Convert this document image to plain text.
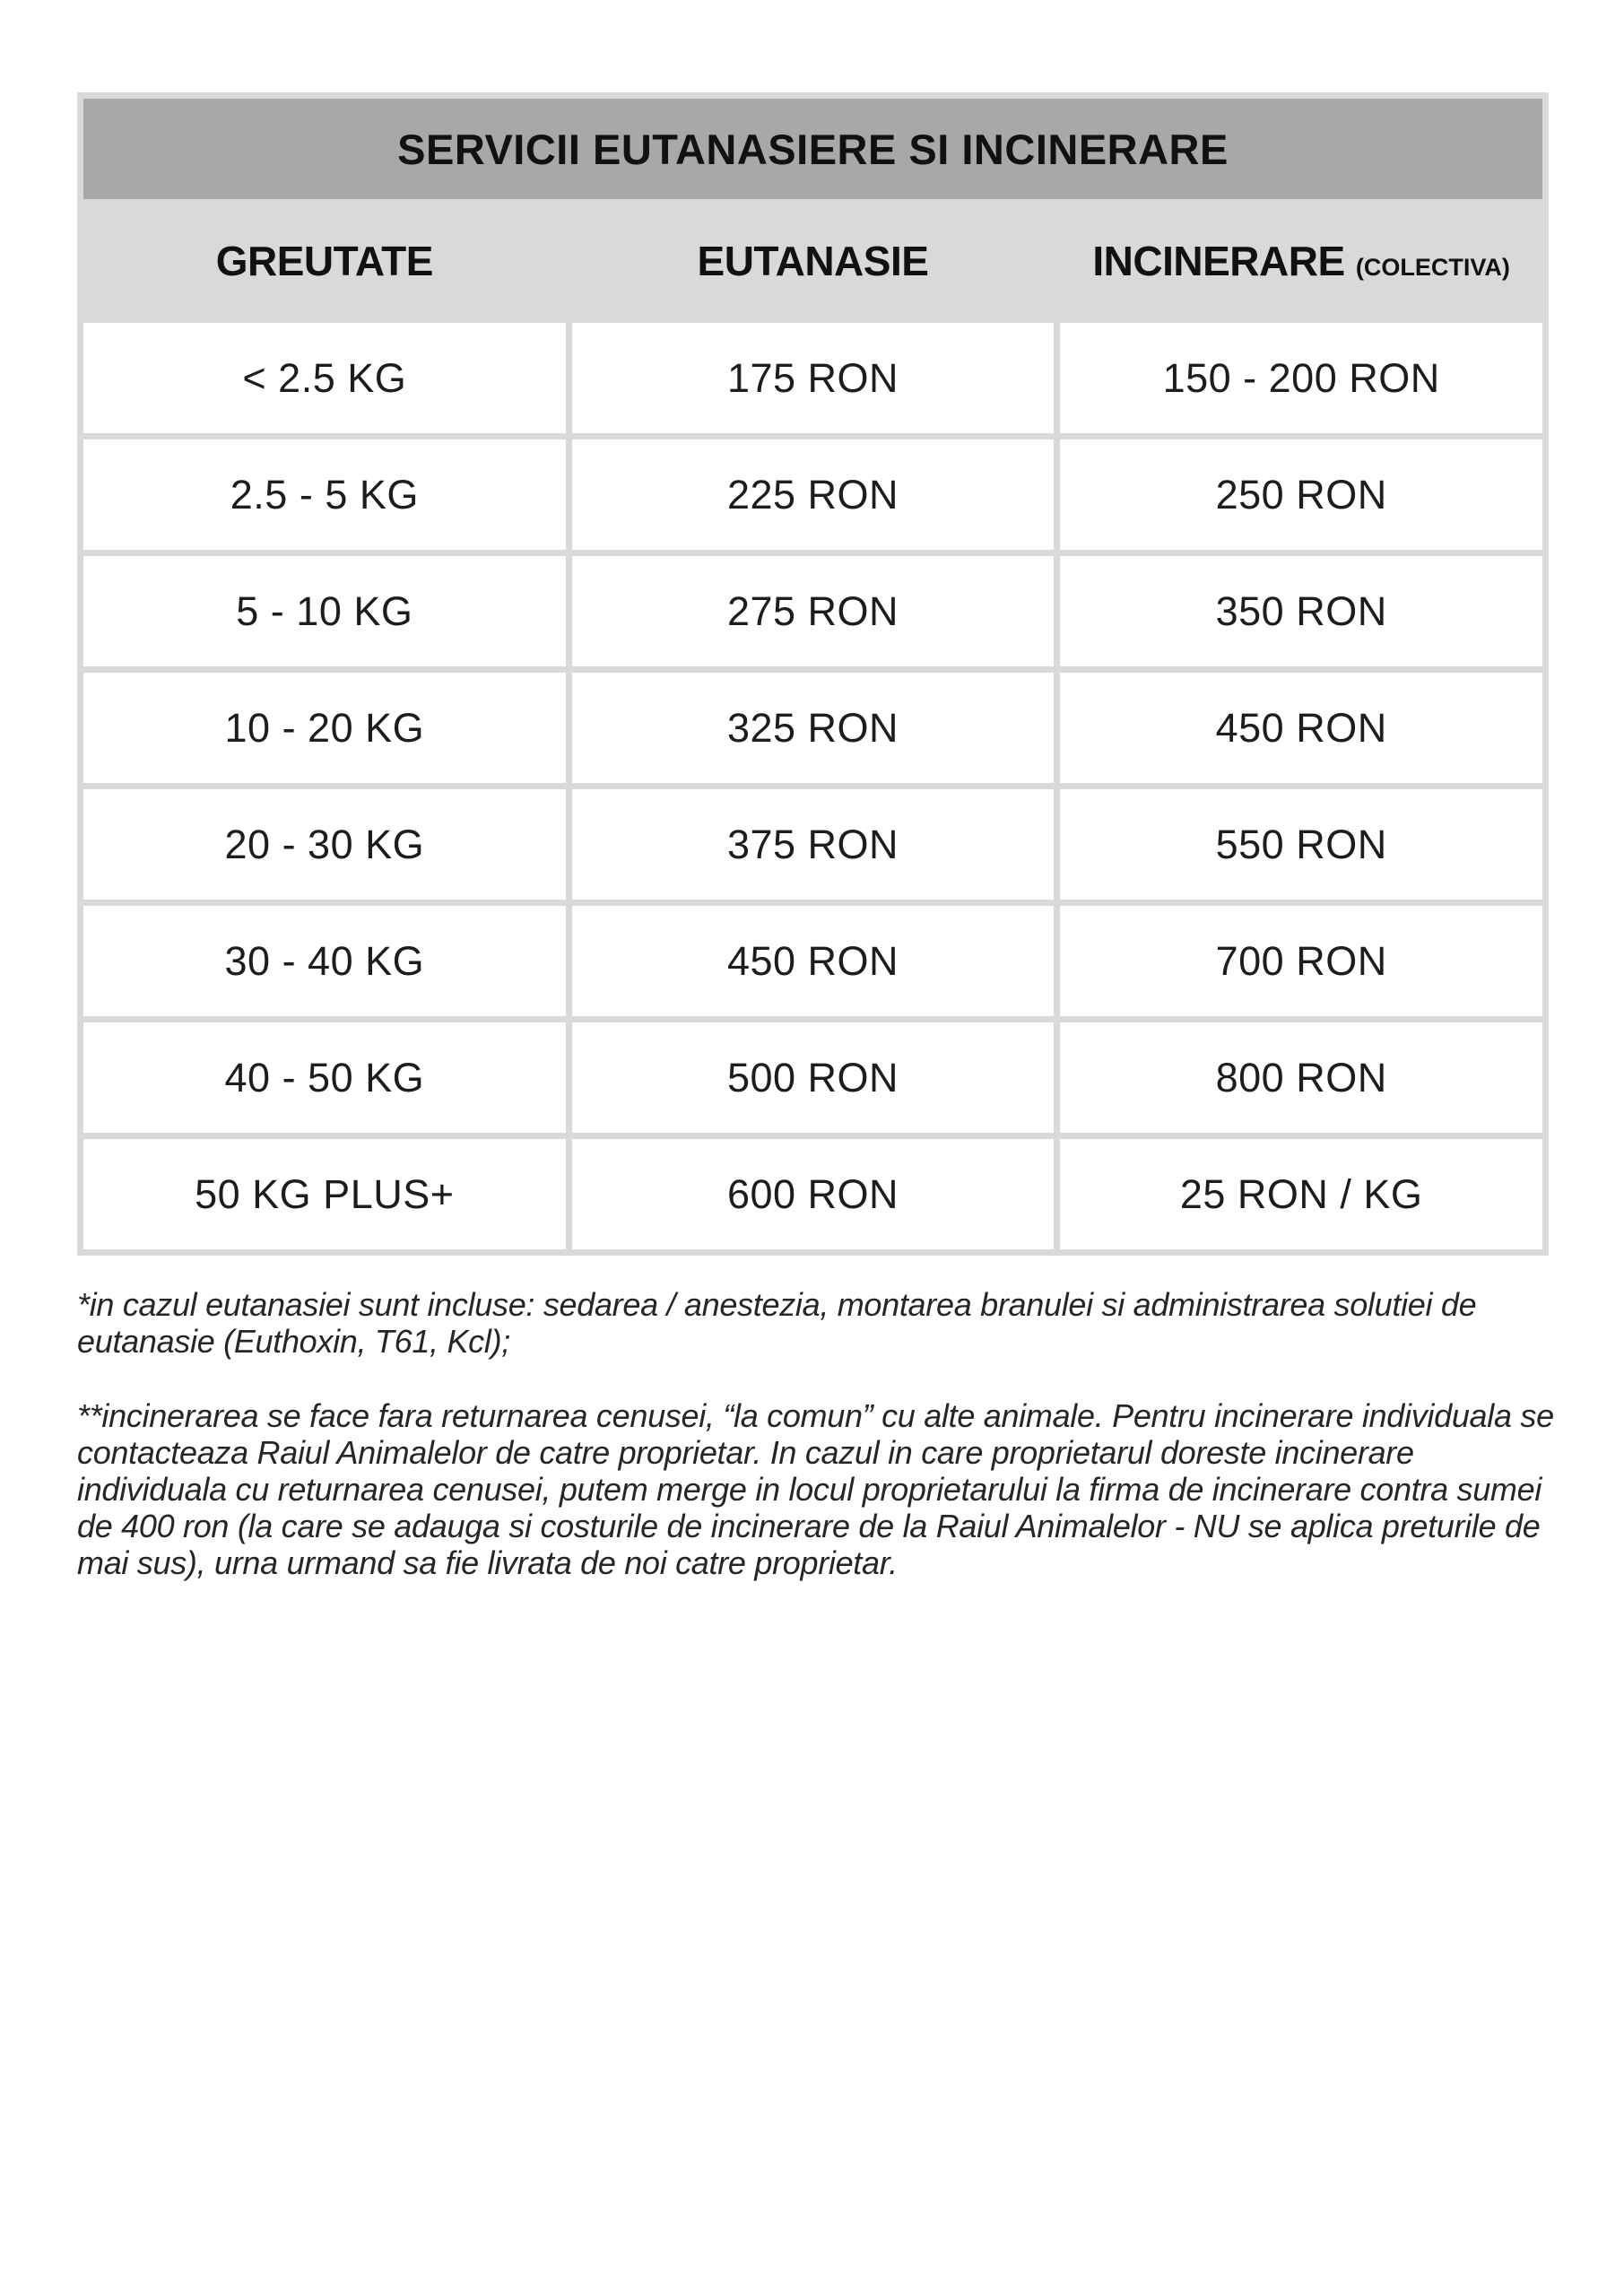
SERVICII EUTANASIERE SI INCINERARE		
GREUTATE	EUTANASIE	INCINERARE (COLECTIVA)
< 2.5 KG	175 RON	150 - 200 RON
2.5 - 5 KG	225 RON	250 RON
5 - 10 KG	275 RON	350 RON
10 - 20 KG	325 RON	450 RON
20 - 30 KG	375 RON	550 RON
30 - 40 KG	450 RON	700 RON
40 - 50 KG	500 RON	800 RON
50 KG PLUS+	600 RON	25 RON / KG

*in cazul eutanasiei sunt incluse: sedarea / anestezia, montarea branulei si administrarea solutiei de eutanasie (Euthoxin, T61, Kcl);

**incinerarea se face fara returnarea cenusei, “la comun” cu alte animale. Pentru incinerare individuala se contacteaza Raiul Animalelor de catre proprietar. In cazul in care proprietarul doreste incinerare individuala cu returnarea cenusei, putem merge in locul proprietarului la firma de incinerare contra sumei de 400 ron (la care se adauga si costurile de incinerare de la Raiul Animalelor - NU se aplica preturile de mai sus), urna urmand sa fie livrata de noi catre proprietar.
